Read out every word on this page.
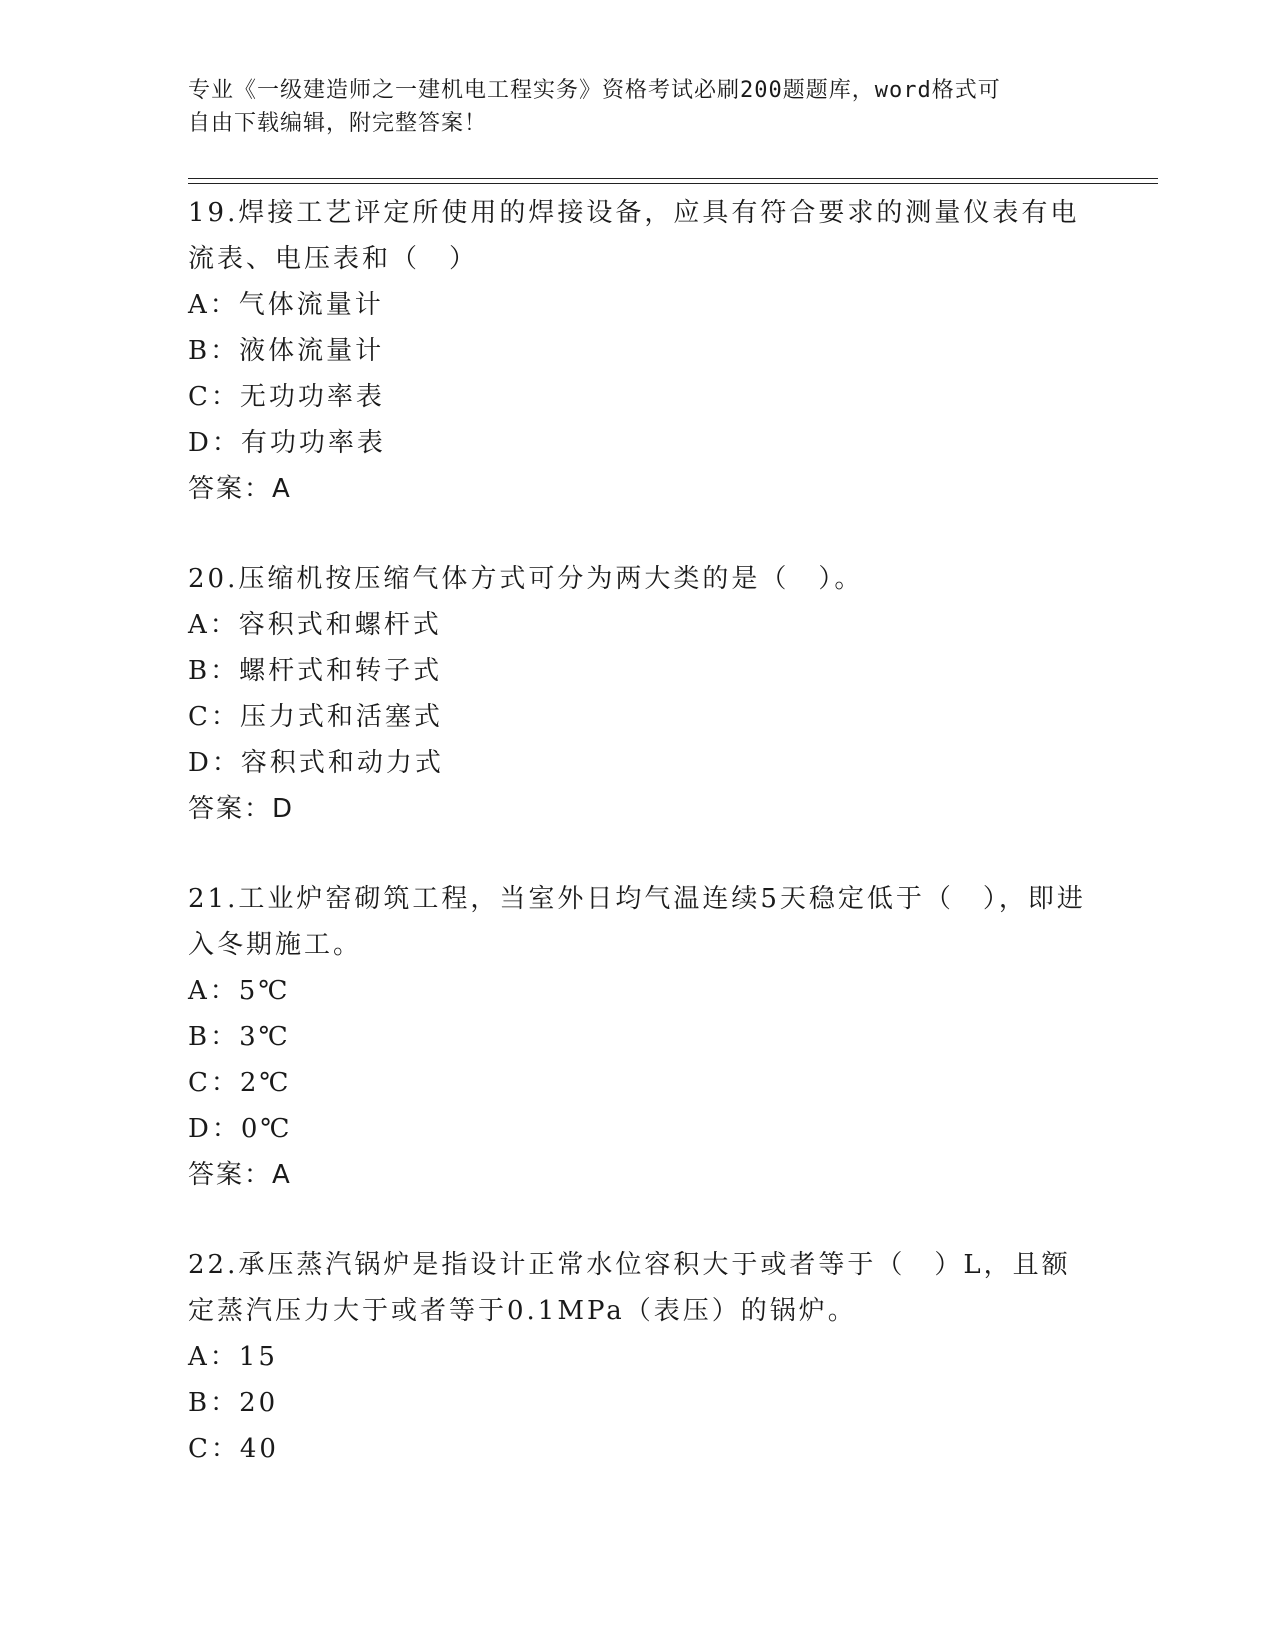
专业《一级建造师之一建机电工程实务》资格考试必刷200题题库，word格式可
自由下载编辑，附完整答案！

19.焊接工艺评定所使用的焊接设备，应具有符合要求的测量仪表有电流表、电压表和（　）

A：气体流量计

B：液体流量计

C：无功功率表

D：有功功率表

答案：A

20.压缩机按压缩气体方式可分为两大类的是（　）。

A：容积式和螺杆式

B：螺杆式和转子式

C：压力式和活塞式

D：容积式和动力式

答案：D

21.工业炉窑砌筑工程，当室外日均气温连续5天稳定低于（　），即进入冬期施工。

A：5℃

B：3℃

C：2℃

D：0℃

答案：A

22.承压蒸汽锅炉是指设计正常水位容积大于或者等于（　）L，且额定蒸汽压力大于或者等于0.1MPa（表压）的锅炉。

A：15

B：20

C：40
